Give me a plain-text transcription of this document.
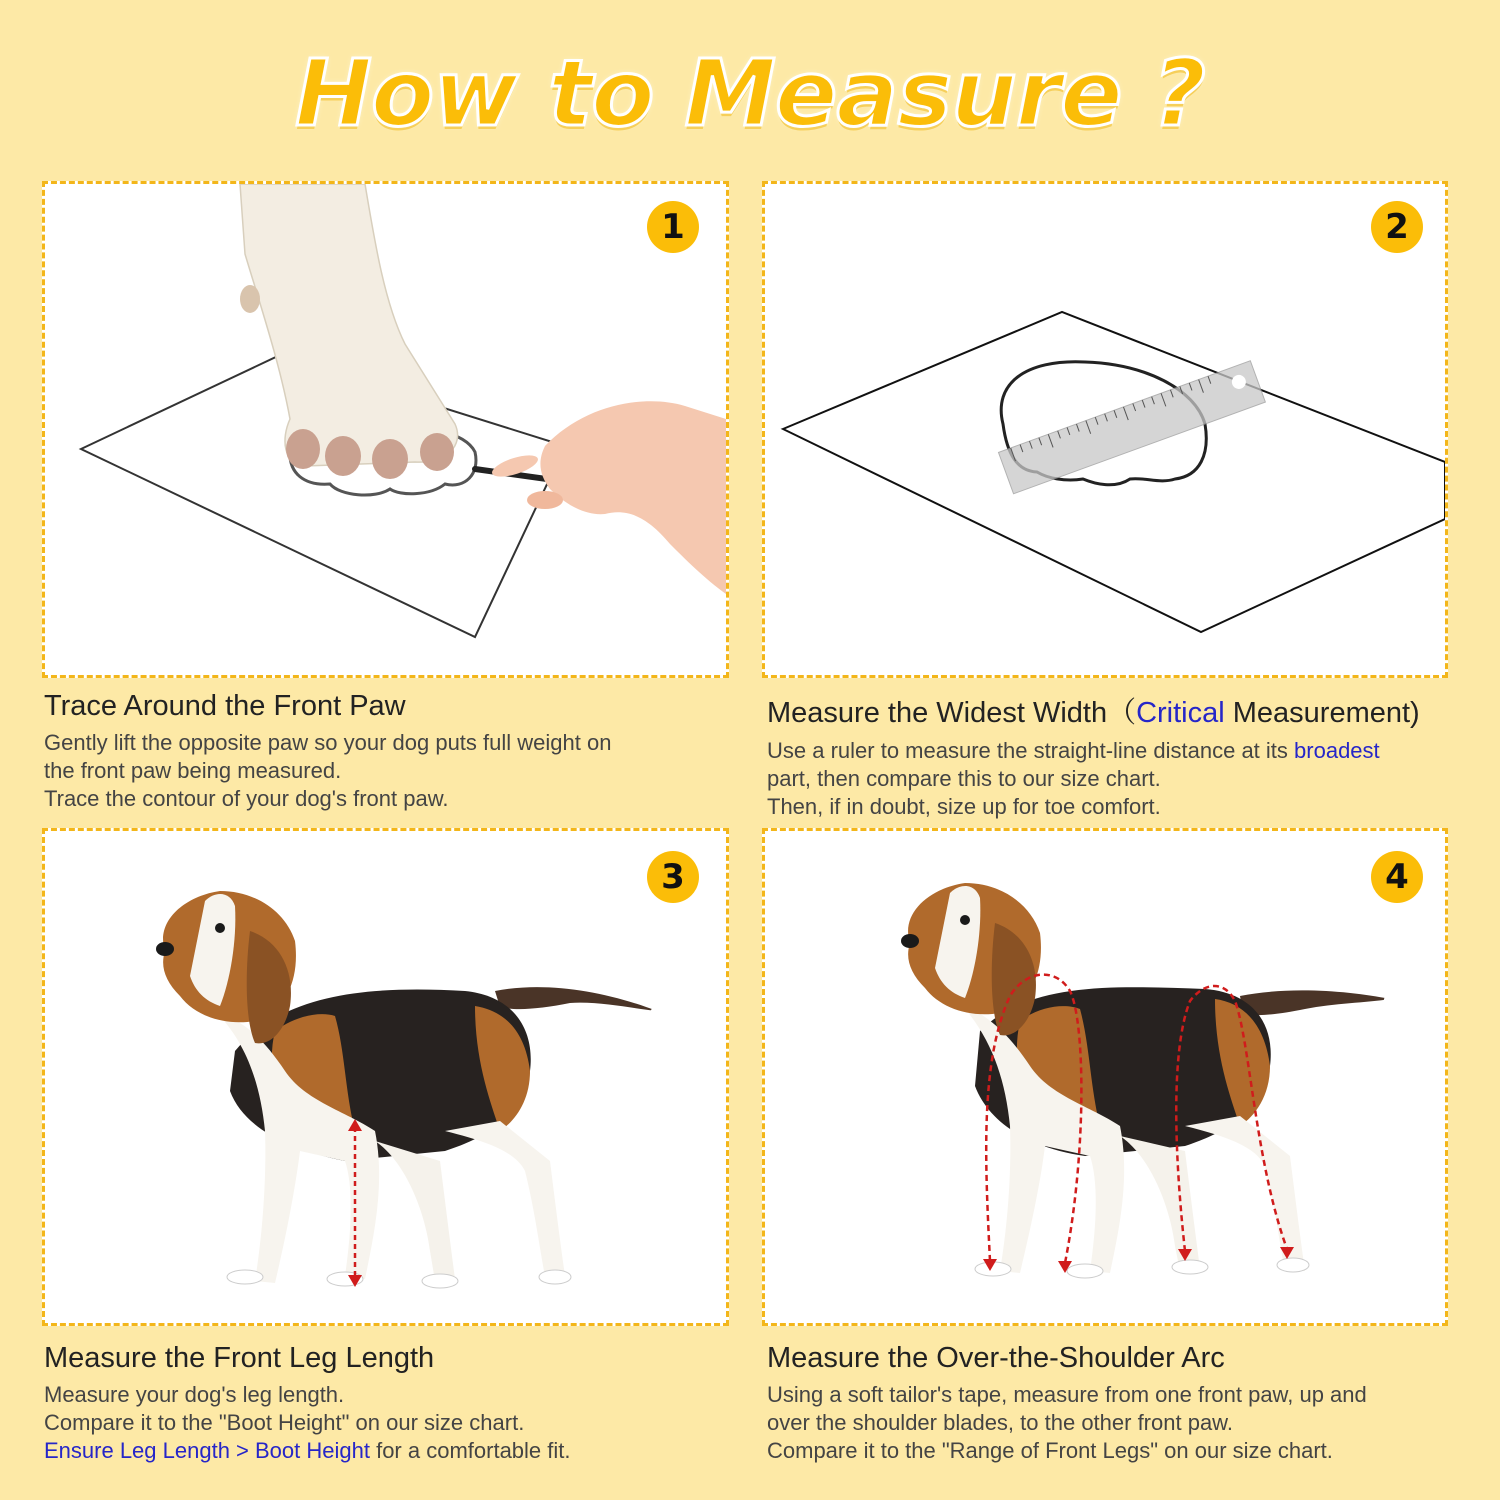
How to Measure ?
1	2
3	4
Trace Around the Front Paw
Gently lift the opposite paw so your dog puts full weight on
the front paw being measured.
Trace the contour of your dog's front paw.
Measure the Widest Width（Critical Measurement)
Use a ruler to measure the straight-line distance at its broadest
part, then compare this to our size chart.
Then, if in doubt, size up for toe comfort.
Measure the Front Leg Length
Measure your dog's leg length.
Compare it to the "Boot Height" on our size chart.
Ensure Leg Length > Boot Height for a comfortable fit.
Measure the Over-the-Shoulder Arc
Using a soft tailor's tape, measure from one front paw, up and
over the shoulder blades, to the other front paw.
Compare it to the "Range of Front Legs" on our size chart.
